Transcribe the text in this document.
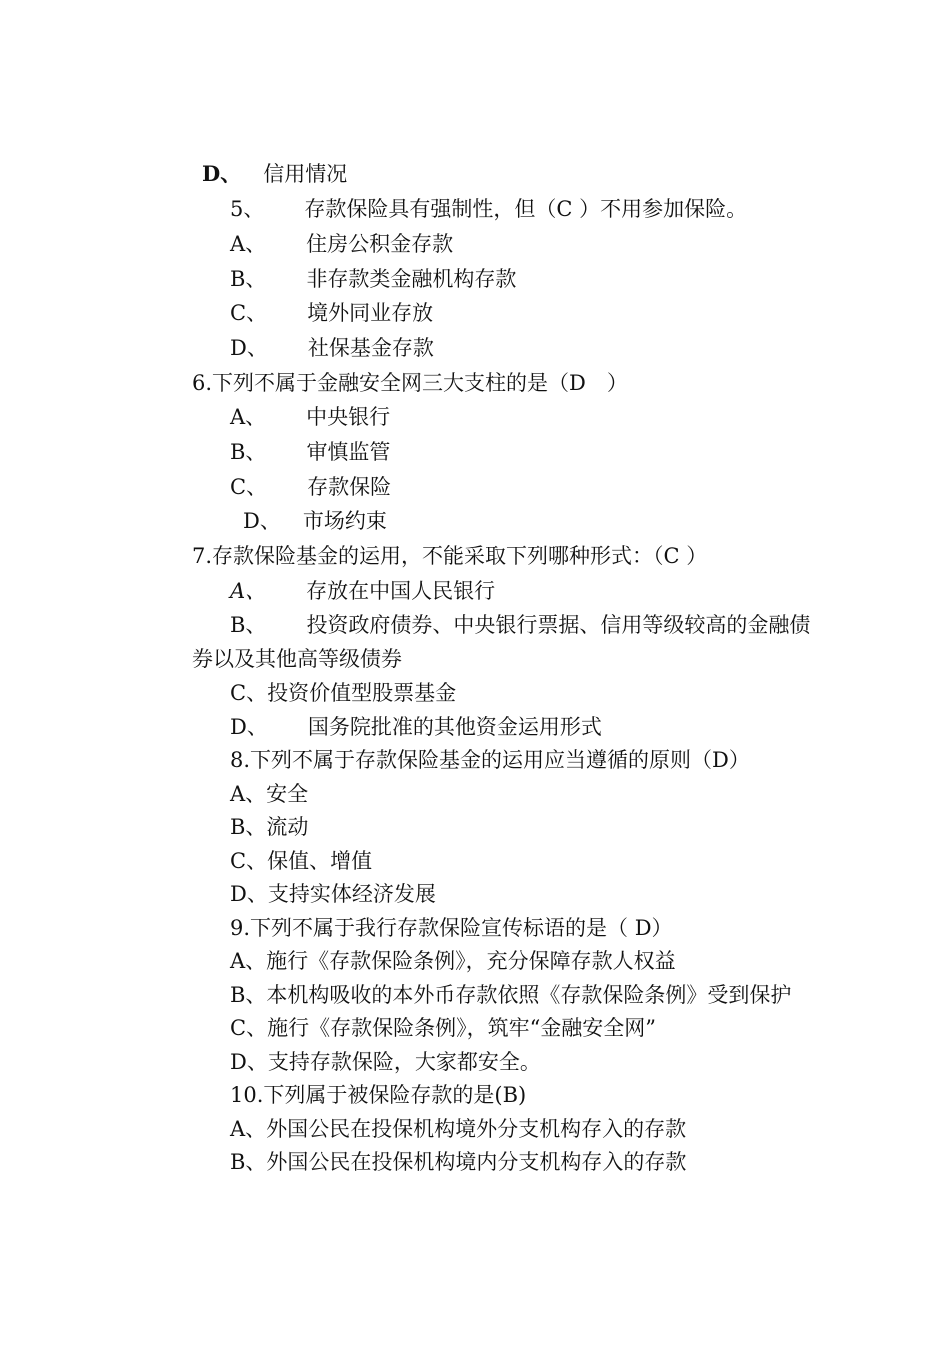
D、 信用情况
5、 存款保险具有强制性，但（C ）不用参加保险。
A、 住房公积金存款
B、 非存款类金融机构存款
C、 境外同业存放
D、 社保基金存款
6.下列不属于金融安全网三大支柱的是（D　）
A、 中央银行
B、 审慎监管
C、 存款保险
D、 市场约束
7.存款保险基金的运用，不能采取下列哪种形式：（C ）
A、 存放在中国人民银行
B、 投资政府债券、中央银行票据、信用等级较高的金融债
券以及其他高等级债券
C、投资价值型股票基金
D、 国务院批准的其他资金运用形式
8.下列不属于存款保险基金的运用应当遵循的原则（D）
A、安全
B、流动
C、保值、增值
D、支持实体经济发展
9.下列不属于我行存款保险宣传标语的是（ D）
A、施行《存款保险条例》，充分保障存款人权益
B、本机构吸收的本外币存款依照《存款保险条例》受到保护
C、施行《存款保险条例》，筑牢“金融安全网”
D、支持存款保险，大家都安全。
10.下列属于被保险存款的是(B)
A、外国公民在投保机构境外分支机构存入的存款
B、外国公民在投保机构境内分支机构存入的存款
